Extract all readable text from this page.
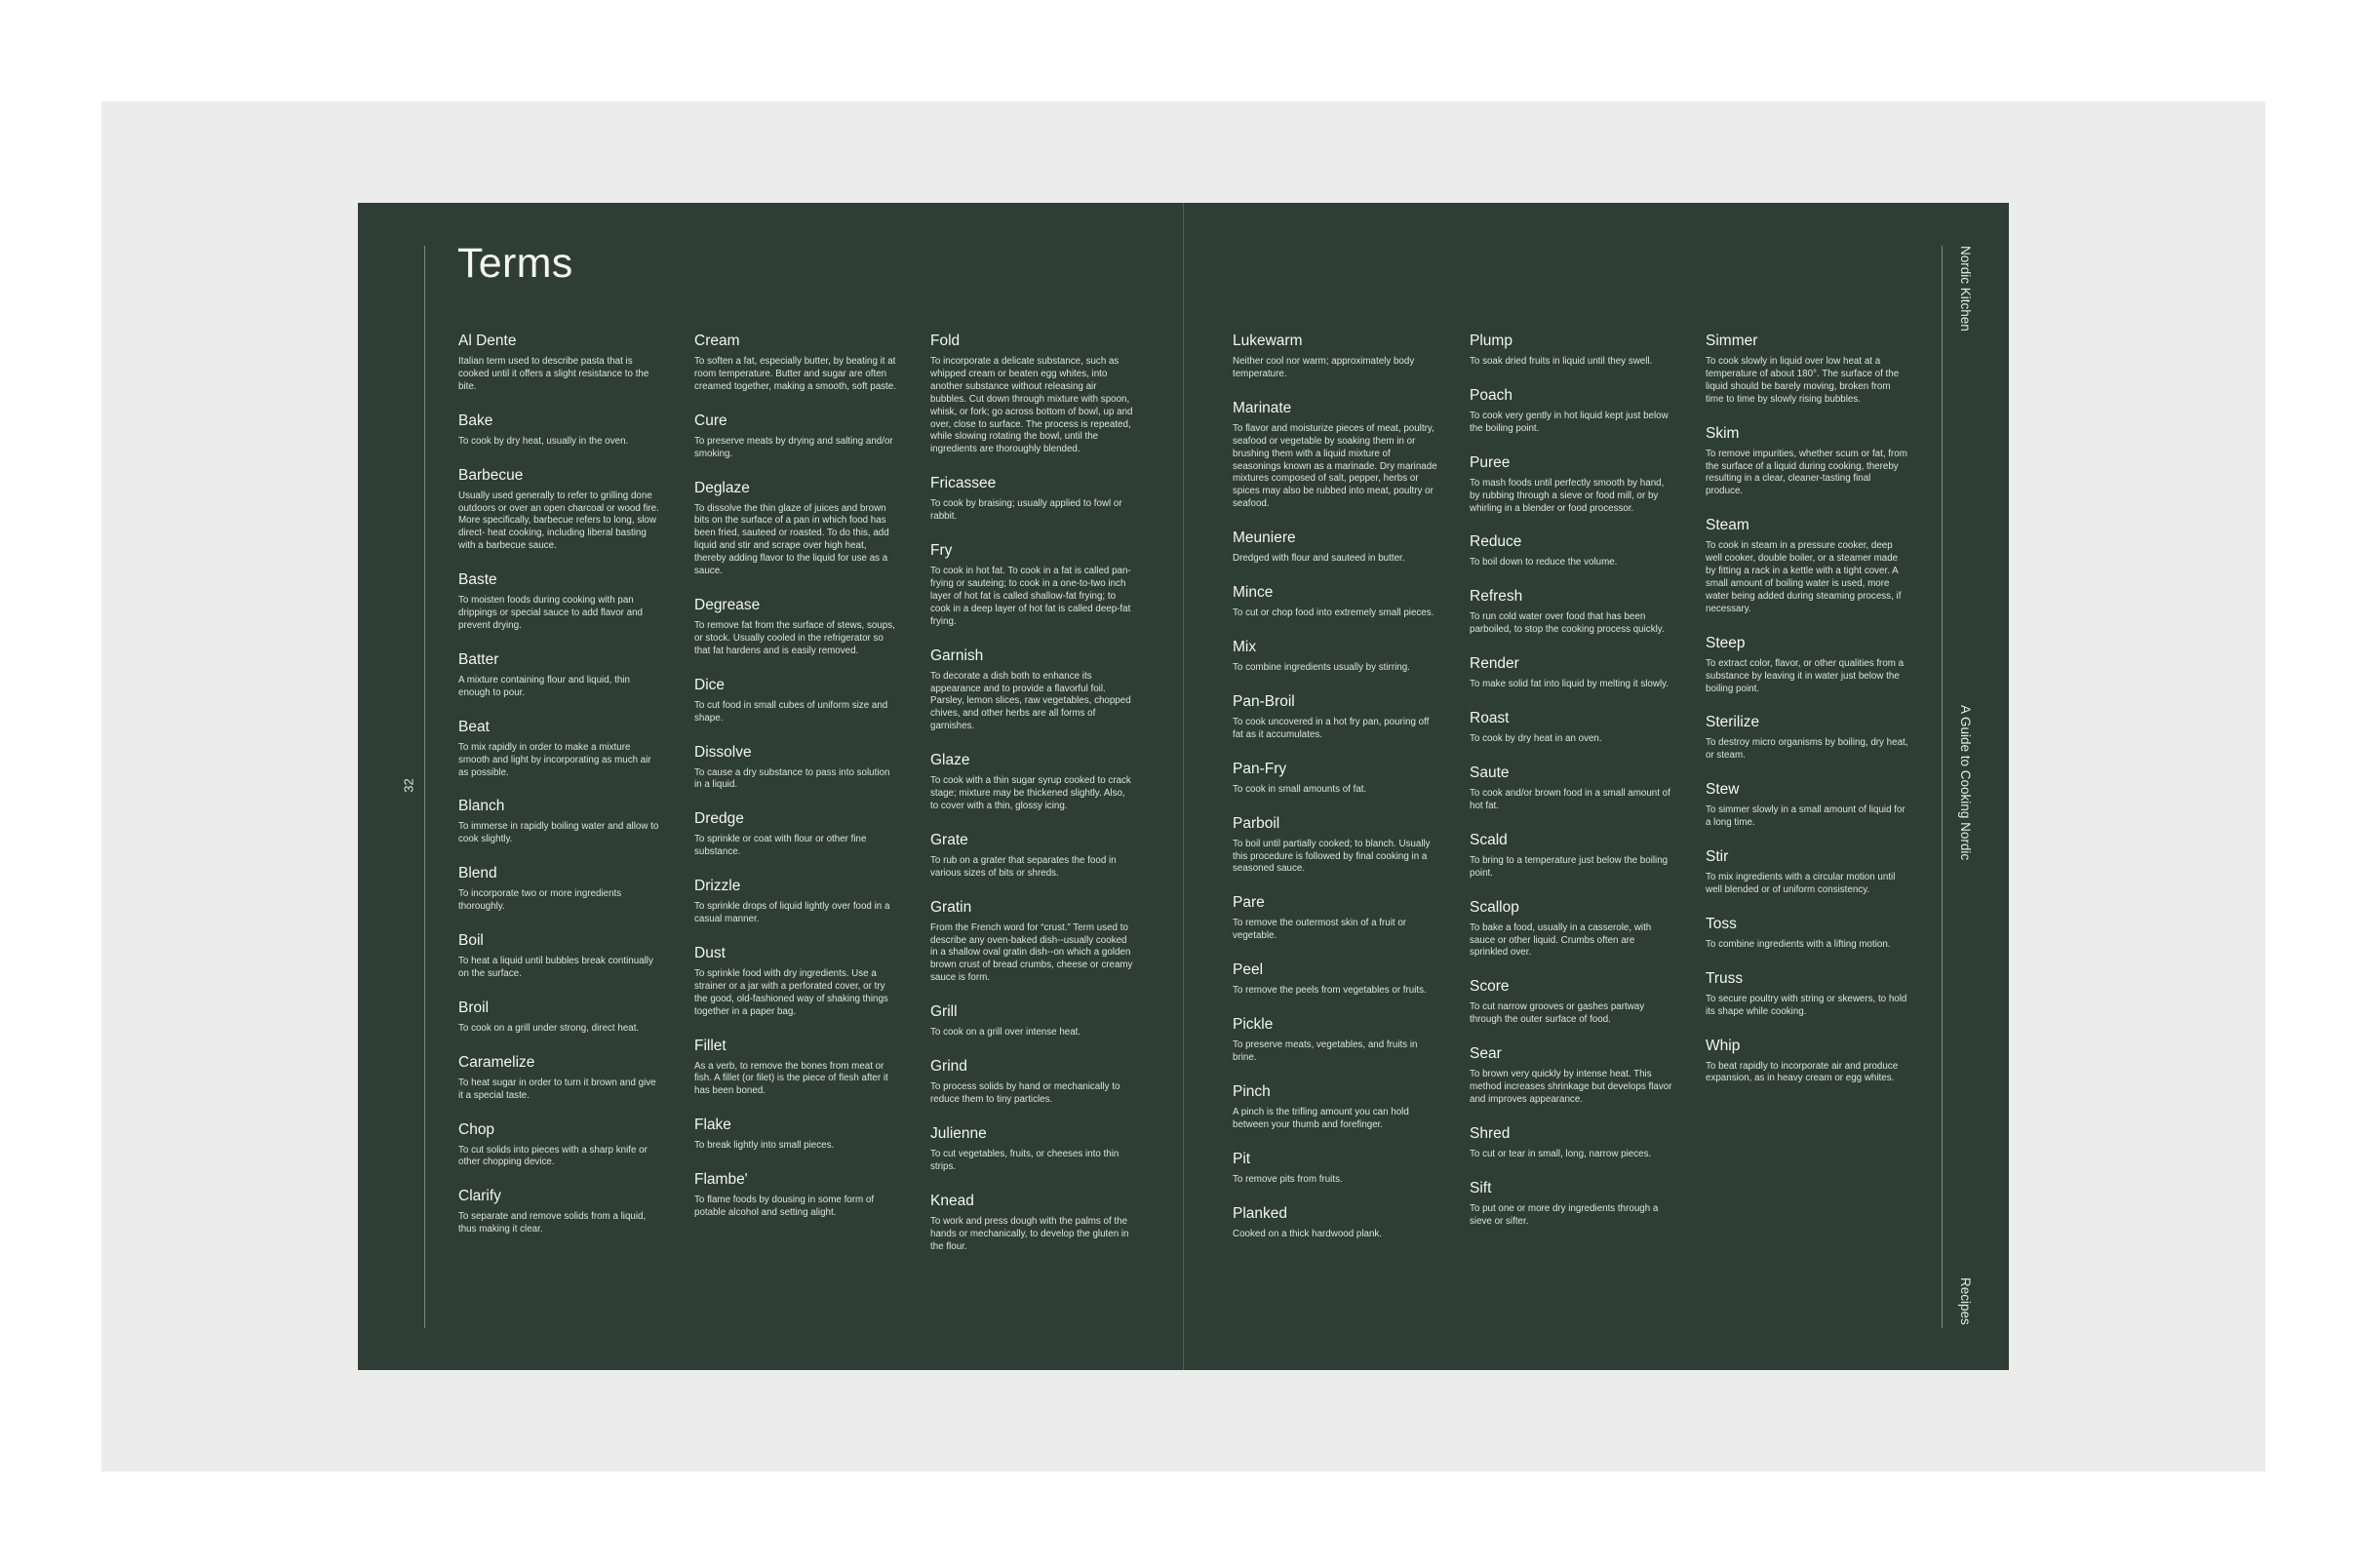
Terms
32
Nordic Kitchen
A Guide to Cooking Nordic
Recipes
Al Dente

Italian term used to describe pasta that is cooked until it offers a slight resistance to the bite.

Bake

To cook by dry heat, usually in the oven.

Barbecue

Usually used generally to refer to grilling done outdoors or over an open charcoal or wood fire. More specifically, barbecue refers to long, slow direct- heat cooking, including liberal basting with a barbecue sauce.

Baste

To moisten foods during cooking with pan drippings or special sauce to add flavor and prevent drying.

Batter

A mixture containing flour and liquid, thin enough to pour.

Beat

To mix rapidly in order to make a mixture smooth and light by incorporating as much air as possible.

Blanch

To immerse in rapidly boiling water and allow to cook slightly.

Blend

To incorporate two or more ingredients thoroughly.

Boil

To heat a liquid until bubbles break continually on the surface.

Broil

To cook on a grill under strong, direct heat.

Caramelize

To heat sugar in order to turn it brown and give it a special taste.

Chop

To cut solids into pieces with a sharp knife or other chopping device.

Clarify

To separate and remove solids from a liquid, thus making it clear.

Cream

To soften a fat, especially butter, by beating it at room temperature. Butter and sugar are often creamed together, making a smooth, soft paste.

Cure

To preserve meats by drying and salting and/or smoking.

Deglaze

To dissolve the thin glaze of juices and brown bits on the surface of a pan in which food has been fried, sauteed or roasted. To do this, add liquid and stir and scrape over high heat, thereby adding flavor to the liquid for use as a sauce.

Degrease

To remove fat from the surface of stews, soups, or stock. Usually cooled in the refrigerator so that fat hardens and is easily removed.

Dice

To cut food in small cubes of uniform size and shape.

Dissolve

To cause a dry substance to pass into solution in a liquid.

Dredge

To sprinkle or coat with flour or other fine substance.

Drizzle

To sprinkle drops of liquid lightly over food in a casual manner.

Dust

To sprinkle food with dry ingredients. Use a strainer or a jar with a perforated cover, or try the good, old-fashioned way of shaking things together in a paper bag.

Fillet

As a verb, to remove the bones from meat or fish. A fillet (or filet) is the piece of flesh after it has been boned.

Flake

To break lightly into small pieces.

Flambe'

To flame foods by dousing in some form of potable alcohol and setting alight.

Fold

To incorporate a delicate substance, such as whipped cream or beaten egg whites, into another substance without releasing air bubbles. Cut down through mixture with spoon, whisk, or fork; go across bottom of bowl, up and over, close to surface. The process is repeated, while slowing rotating the bowl, until the ingredients are thoroughly blended.

Fricassee

To cook by braising; usually applied to fowl or rabbit.

Fry

To cook in hot fat. To cook in a fat is called pan-frying or sauteing; to cook in a one-to-two inch layer of hot fat is called shallow-fat frying; to cook in a deep layer of hot fat is called deep-fat frying.

Garnish

To decorate a dish both to enhance its appearance and to provide a flavorful foil. Parsley, lemon slices, raw vegetables, chopped chives, and other herbs are all forms of garnishes.

Glaze

To cook with a thin sugar syrup cooked to crack stage; mixture may be thickened slightly. Also, to cover with a thin, glossy icing.

Grate

To rub on a grater that separates the food in various sizes of bits or shreds.

Gratin

From the French word for “crust.” Term used to describe any oven-baked dish--usually cooked in a shallow oval gratin dish--on which a golden brown crust of bread crumbs, cheese or creamy sauce is form.

Grill

To cook on a grill over intense heat.

Grind

To process solids by hand or mechanically to reduce them to tiny particles.

Julienne

To cut vegetables, fruits, or cheeses into thin strips.

Knead

To work and press dough with the palms of the hands or mechanically, to develop the gluten in the flour.

Lukewarm

Neither cool nor warm; approximately body temperature.

Marinate

To flavor and moisturize pieces of meat, poultry, seafood or vegetable by soaking them in or brushing them with a liquid mixture of seasonings known as a marinade. Dry marinade mixtures composed of salt, pepper, herbs or spices may also be rubbed into meat, poultry or seafood.

Meuniere

Dredged with flour and sauteed in butter.

Mince

To cut or chop food into extremely small pieces.

Mix

To combine ingredients usually by stirring.

Pan-Broil

To cook uncovered in a hot fry pan, pouring off fat as it accumulates.

Pan-Fry

To cook in small amounts of fat.

Parboil

To boil until partially cooked; to blanch. Usually this procedure is followed by final cooking in a seasoned sauce.

Pare

To remove the outermost skin of a fruit or vegetable.

Peel

To remove the peels from vegetables or fruits.

Pickle

To preserve meats, vegetables, and fruits in brine.

Pinch

A pinch is the trifling amount you can hold between your thumb and forefinger.

Pit

To remove pits from fruits.

Planked

Cooked on a thick hardwood plank.

Plump

To soak dried fruits in liquid until they swell.

Poach

To cook very gently in hot liquid kept just below the boiling point.

Puree

To mash foods until perfectly smooth by hand, by rubbing through a sieve or food mill, or by whirling in a blender or food processor.

Reduce

To boil down to reduce the volume.

Refresh

To run cold water over food that has been parboiled, to stop the cooking process quickly.

Render

To make solid fat into liquid by melting it slowly.

Roast

To cook by dry heat in an oven.

Saute

To cook and/or brown food in a small amount of hot fat.

Scald

To bring to a temperature just below the boiling point.

Scallop

To bake a food, usually in a casserole, with sauce or other liquid. Crumbs often are sprinkled over.

Score

To cut narrow grooves or gashes partway through the outer surface of food.

Sear

To brown very quickly by intense heat. This method increases shrinkage but develops flavor and improves appearance.

Shred

To cut or tear in small, long, narrow pieces.

Sift

To put one or more dry ingredients through a sieve or sifter.

Simmer

To cook slowly in liquid over low heat at a temperature of about 180°. The surface of the liquid should be barely moving, broken from time to time by slowly rising bubbles.

Skim

To remove impurities, whether scum or fat, from the surface of a liquid during cooking, thereby resulting in a clear, cleaner-tasting final produce.

Steam

To cook in steam in a pressure cooker, deep well cooker, double boiler, or a steamer made by fitting a rack in a kettle with a tight cover. A small amount of boiling water is used, more water being added during steaming process, if necessary.

Steep

To extract color, flavor, or other qualities from a substance by leaving it in water just below the boiling point.

Sterilize

To destroy micro organisms by boiling, dry heat, or steam.

Stew

To simmer slowly in a small amount of liquid for a long time.

Stir

To mix ingredients with a circular motion until well blended or of uniform consistency.

Toss

To combine ingredients with a lifting motion.

Truss

To secure poultry with string or skewers, to hold its shape while cooking.

Whip

To beat rapidly to incorporate air and produce expansion, as in heavy cream or egg whites.
